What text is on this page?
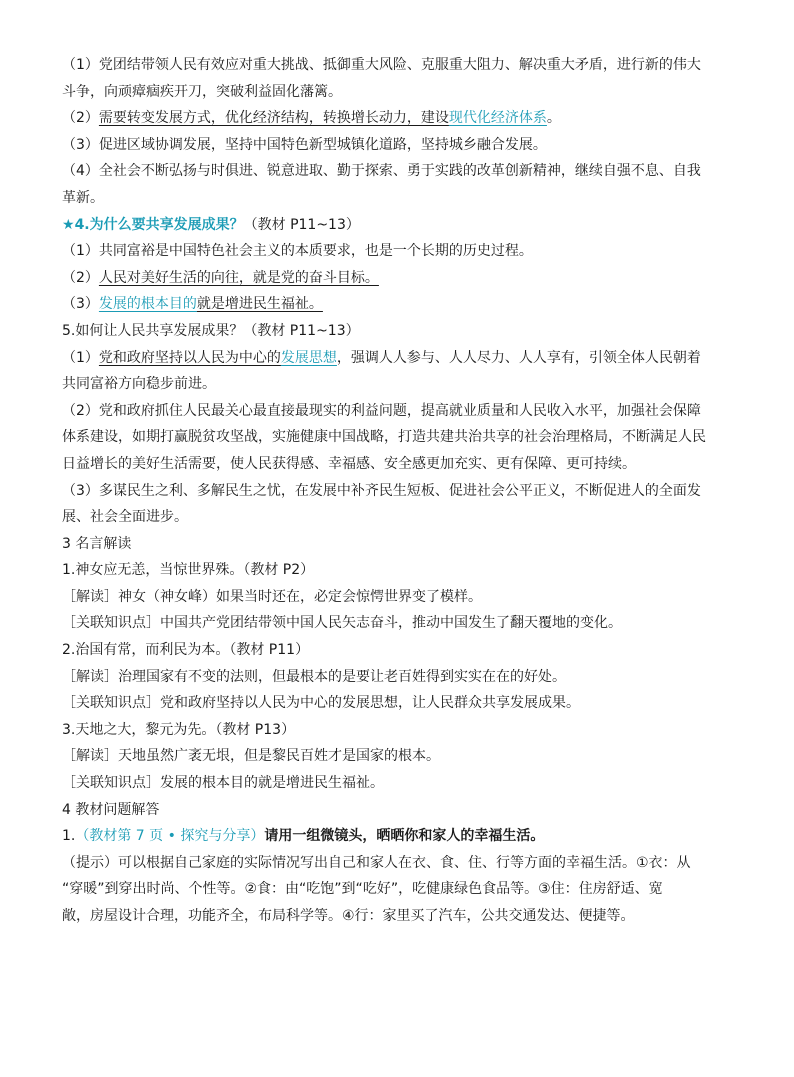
（1）党团结带领人民有效应对重大挑战、抵御重大风险、克服重大阻力、解决重大矛盾，进行新的伟大
斗争，向顽瘴痼疾开刀，突破利益固化藩篱。
（2）需要转变发展方式，优化经济结构，转换增长动力，建设现代化经济体系。
（3）促进区域协调发展，坚持中国特色新型城镇化道路，坚持城乡融合发展。
（4）全社会不断弘扬与时俱进、锐意进取、勤于探索、勇于实践的改革创新精神，继续自强不息、自我
革新。
★4.为什么要共享发展成果？（教材 P11~13）
（1）共同富裕是中国特色社会主义的本质要求，也是一个长期的历史过程。
（2）人民对美好生活的向往，就是党的奋斗目标。
（3）发展的根本目的就是增进民生福祉。
5.如何让人民共享发展成果？（教材 P11~13）
（1）党和政府坚持以人民为中心的发展思想，强调人人参与、人人尽力、人人享有，引领全体人民朝着
共同富裕方向稳步前进。
（2）党和政府抓住人民最关心最直接最现实的利益问题，提高就业质量和人民收入水平，加强社会保障
体系建设，如期打赢脱贫攻坚战，实施健康中国战略，打造共建共治共享的社会治理格局，不断满足人民
日益增长的美好生活需要，使人民获得感、幸福感、安全感更加充实、更有保障、更可持续。
（3）多谋民生之利、多解民生之忧，在发展中补齐民生短板、促进社会公平正义，不断促进人的全面发
展、社会全面进步。
3 名言解读
1.神女应无恙，当惊世界殊。（教材 P2）
［解读］神女（神女峰）如果当时还在，必定会惊愕世界变了模样。
［关联知识点］中国共产党团结带领中国人民矢志奋斗，推动中国发生了翻天覆地的变化。
2.治国有常，而利民为本。（教材 P11）
［解读］治理国家有不变的法则，但最根本的是要让老百姓得到实实在在的好处。
［关联知识点］党和政府坚持以人民为中心的发展思想，让人民群众共享发展成果。
3.天地之大，黎元为先。（教材 P13）
［解读］天地虽然广袤无垠，但是黎民百姓才是国家的根本。
［关联知识点］发展的根本目的就是增进民生福祉。
4 教材问题解答
1.（教材第 7 页 • 探究与分享）请用一组微镜头，晒晒你和家人的幸福生活。
（提示）可以根据自己家庭的实际情况写出自己和家人在衣、食、住、行等方面的幸福生活。①衣：从
“穿暖”到穿出时尚、个性等。②食：由“吃饱”到“吃好”，吃健康绿色食品等。③住：住房舒适、宽
敞，房屋设计合理，功能齐全，布局科学等。④行：家里买了汽车，公共交通发达、便捷等。
